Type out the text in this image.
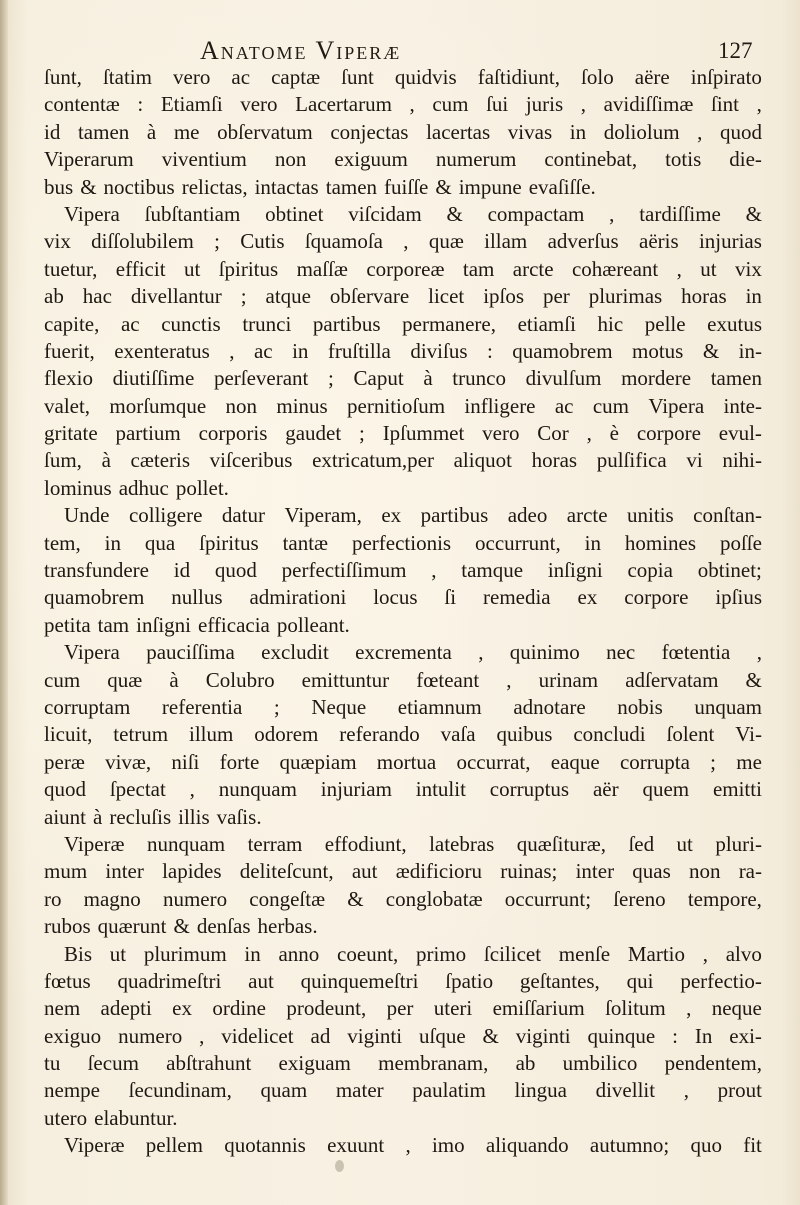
Anatome Viperæ	127
ſunt, ſtatim vero ac captæ ſunt quidvis faſtidiunt, ſolo aëre inſpirato
contentæ : Etiamſi vero Lacertarum , cum ſui juris , avidiſſimæ ſint ,
id tamen à me obſervatum conjectas lacertas vivas in doliolum , quod
Viperarum viventium non exiguum numerum continebat, totis die-
bus & noctibus relictas, intactas tamen fuiſſe & impune evaſiſſe.
Vipera ſubſtantiam obtinet viſcidam & compactam , tardiſſime &
vix diſſolubilem ; Cutis ſquamoſa , quæ illam adverſus aëris injurias
tuetur, efficit ut ſpiritus maſſæ corporeæ tam arcte cohæreant , ut vix
ab hac divellantur ; atque obſervare licet ipſos per plurimas horas in
capite, ac cunctis trunci partibus permanere, etiamſi hic pelle exutus
fuerit, exenteratus , ac in fruſtilla diviſus : quamobrem motus & in-
flexio diutiſſime perſeverant ; Caput à trunco divulſum mordere tamen
valet, morſumque non minus pernitioſum infligere ac cum Vipera inte-
gritate partium corporis gaudet ; Ipſummet vero Cor , è corpore evul-
ſum, à cæteris viſceribus extricatum,per aliquot horas pulſifica vi nihi-
lominus adhuc pollet.
Unde colligere datur Viperam, ex partibus adeo arcte unitis conſtan-
tem, in qua ſpiritus tantæ perfectionis occurrunt, in homines poſſe
transfundere id quod perfectiſſimum , tamque inſigni copia obtinet;
quamobrem nullus admirationi locus ſi remedia ex corpore ipſius
petita tam inſigni efficacia polleant.
Vipera pauciſſima excludit excrementa , quinimo nec fœtentia ,
cum quæ à Colubro emittuntur fœteant , urinam adſervatam &
corruptam referentia ; Neque etiamnum adnotare nobis unquam
licuit, tetrum illum odorem referando vaſa quibus concludi ſolent Vi-
peræ vivæ, niſi forte quæpiam mortua occurrat, eaque corrupta ; me
quod ſpectat , nunquam injuriam intulit corruptus aër quem emitti
aiunt à recluſis illis vaſis.
Viperæ nunquam terram effodiunt, latebras quæſituræ, ſed ut pluri-
mum inter lapides deliteſcunt, aut ædificioru ruinas; inter quas non ra-
ro magno numero congeſtæ & conglobatæ occurrunt; ſereno tempore,
rubos quærunt & denſas herbas.
Bis ut plurimum in anno coeunt, primo ſcilicet menſe Martio , alvo
fœtus quadrimeſtri aut quinquemeſtri ſpatio geſtantes, qui perfectio-
nem adepti ex ordine prodeunt, per uteri emiſſarium ſolitum , neque
exiguo numero , videlicet ad viginti uſque & viginti quinque : In exi-
tu ſecum abſtrahunt exiguam membranam, ab umbilico pendentem,
nempe ſecundinam, quam mater paulatim lingua divellit , prout
utero elabuntur.
Viperæ pellem quotannis exuunt , imo aliquando autumno; quo fit
